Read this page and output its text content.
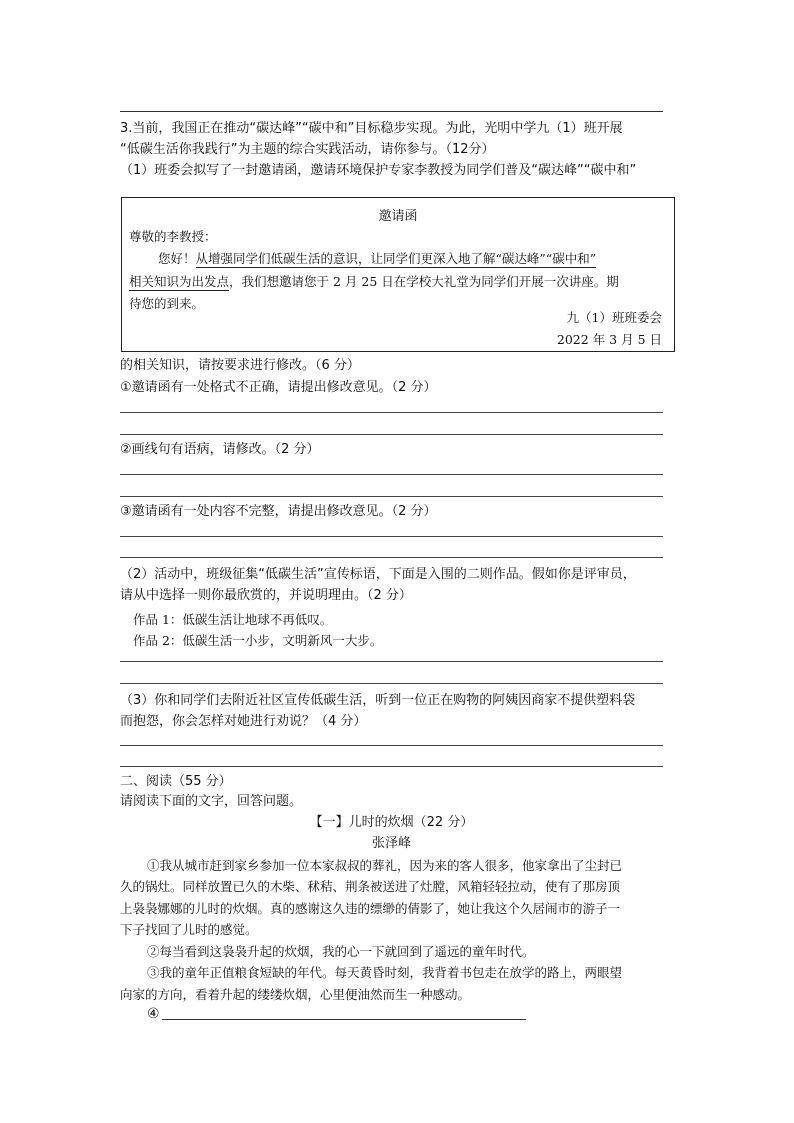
3.当前，我国正在推动“碳达峰”“碳中和”目标稳步实现。为此，光明中学九（1）班开展
“低碳生活你我践行”为主题的综合实践活动，请你参与。（12分）
（1）班委会拟写了一封邀请函，邀请环境保护专家李教授为同学们普及“碳达峰”“碳中和”
邀请函
尊敬的李教授：
您好！从增强同学们低碳生活的意识，让同学们更深入地了解“碳达峰”“碳中和”
相关知识为出发点，我们想邀请您于 2 月 25 日在学校大礼堂为同学们开展一次讲座。期
待您的到来。
九（1）班班委会
2022 年 3 月 5 日
的相关知识，请按要求进行修改。（6 分）
①邀请函有一处格式不正确，请提出修改意见。（2 分）
②画线句有语病，请修改。（2 分）
③邀请函有一处内容不完整，请提出修改意见。（2 分）
（2）活动中，班级征集“低碳生活”宣传标语，下面是入围的二则作品。假如你是评审员，
请从中选择一则你最欣赏的，并说明理由。（2 分）
作品 1：低碳生活让地球不再低叹。
作品 2：低碳生活一小步，文明新风一大步。
（3）你和同学们去附近社区宣传低碳生活，听到一位正在购物的阿姨因商家不提供塑料袋
而抱怨，你会怎样对她进行劝说？（4 分）
二、阅读（55 分）
请阅读下面的文字，回答问题。
【一】儿时的炊烟（22 分）
张泽峰
①我从城市赶到家乡参加一位本家叔叔的葬礼，因为来的客人很多，他家拿出了尘封已
久的锅灶。同样放置已久的木柴、秫秸、荆条被送进了灶膛，风箱轻轻拉动，使有了那房顶
上袅袅娜娜的儿时的炊烟。真的感谢这久违的缥缈的倩影了，她让我这个久居闹市的游子一
下子找回了儿时的感觉。
②每当看到这袅袅升起的炊烟，我的心一下就回到了遥远的童年时代。
③我的童年正值粮食短缺的年代。每天黄昏时刻，我背着书包走在放学的路上，两眼望
向家的方向，看着升起的缕缕炊烟，心里便油然而生一种感动。
④
